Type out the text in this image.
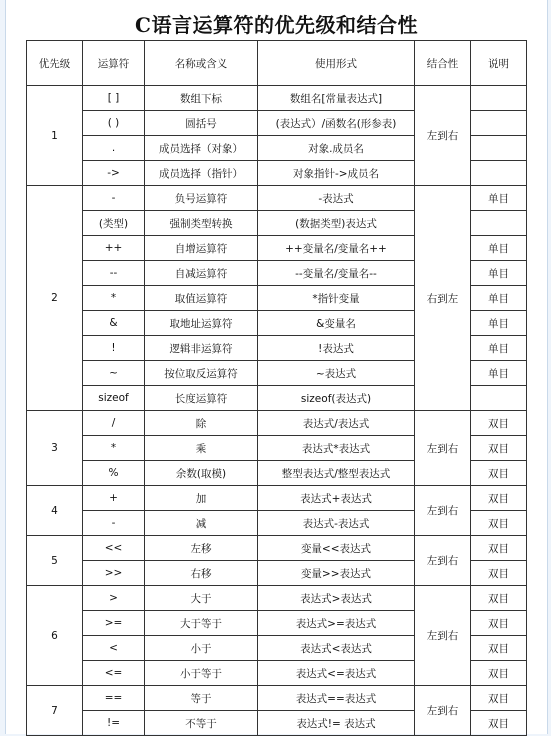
C语言运算符的优先级和结合性
优先级	运算符	名称或含义	使用形式	结合性	说明
1	[ ]	数组下标	数组名[常量表达式]	左到右	
	( )	圆括号	(表达式）/函数名(形参表)		
	.	成员选择（对象）	对象.成员名		
	->	成员选择（指针）	对象指针->成员名		
2	-	负号运算符	-表达式	右到左	单目
	(类型)	强制类型转换	(数据类型)表达式		
	++	自增运算符	++变量名/变量名++		单目
	--	自减运算符	--变量名/变量名--		单目
	*	取值运算符	*指针变量		单目
	&	取地址运算符	&变量名		单目
	!	逻辑非运算符	!表达式		单目
	~	按位取反运算符	~表达式		单目
	sizeof	长度运算符	sizeof(表达式)		
3	/	除	表达式/表达式	左到右	双目
	*	乘	表达式*表达式		双目
	%	余数(取模)	整型表达式/整型表达式		双目
4	+	加	表达式+表达式	左到右	双目
	-	减	表达式-表达式		双目
5	<<	左移	变量<<表达式	左到右	双目
	>>	右移	变量>>表达式		双目
6	>	大于	表达式>表达式	左到右	双目
	>=	大于等于	表达式>=表达式		双目
	<	小于	表达式<表达式		双目
	<=	小于等于	表达式<=表达式		双目
7	==	等于	表达式==表达式	左到右	双目
	!=	不等于	表达式!= 表达式		双目
